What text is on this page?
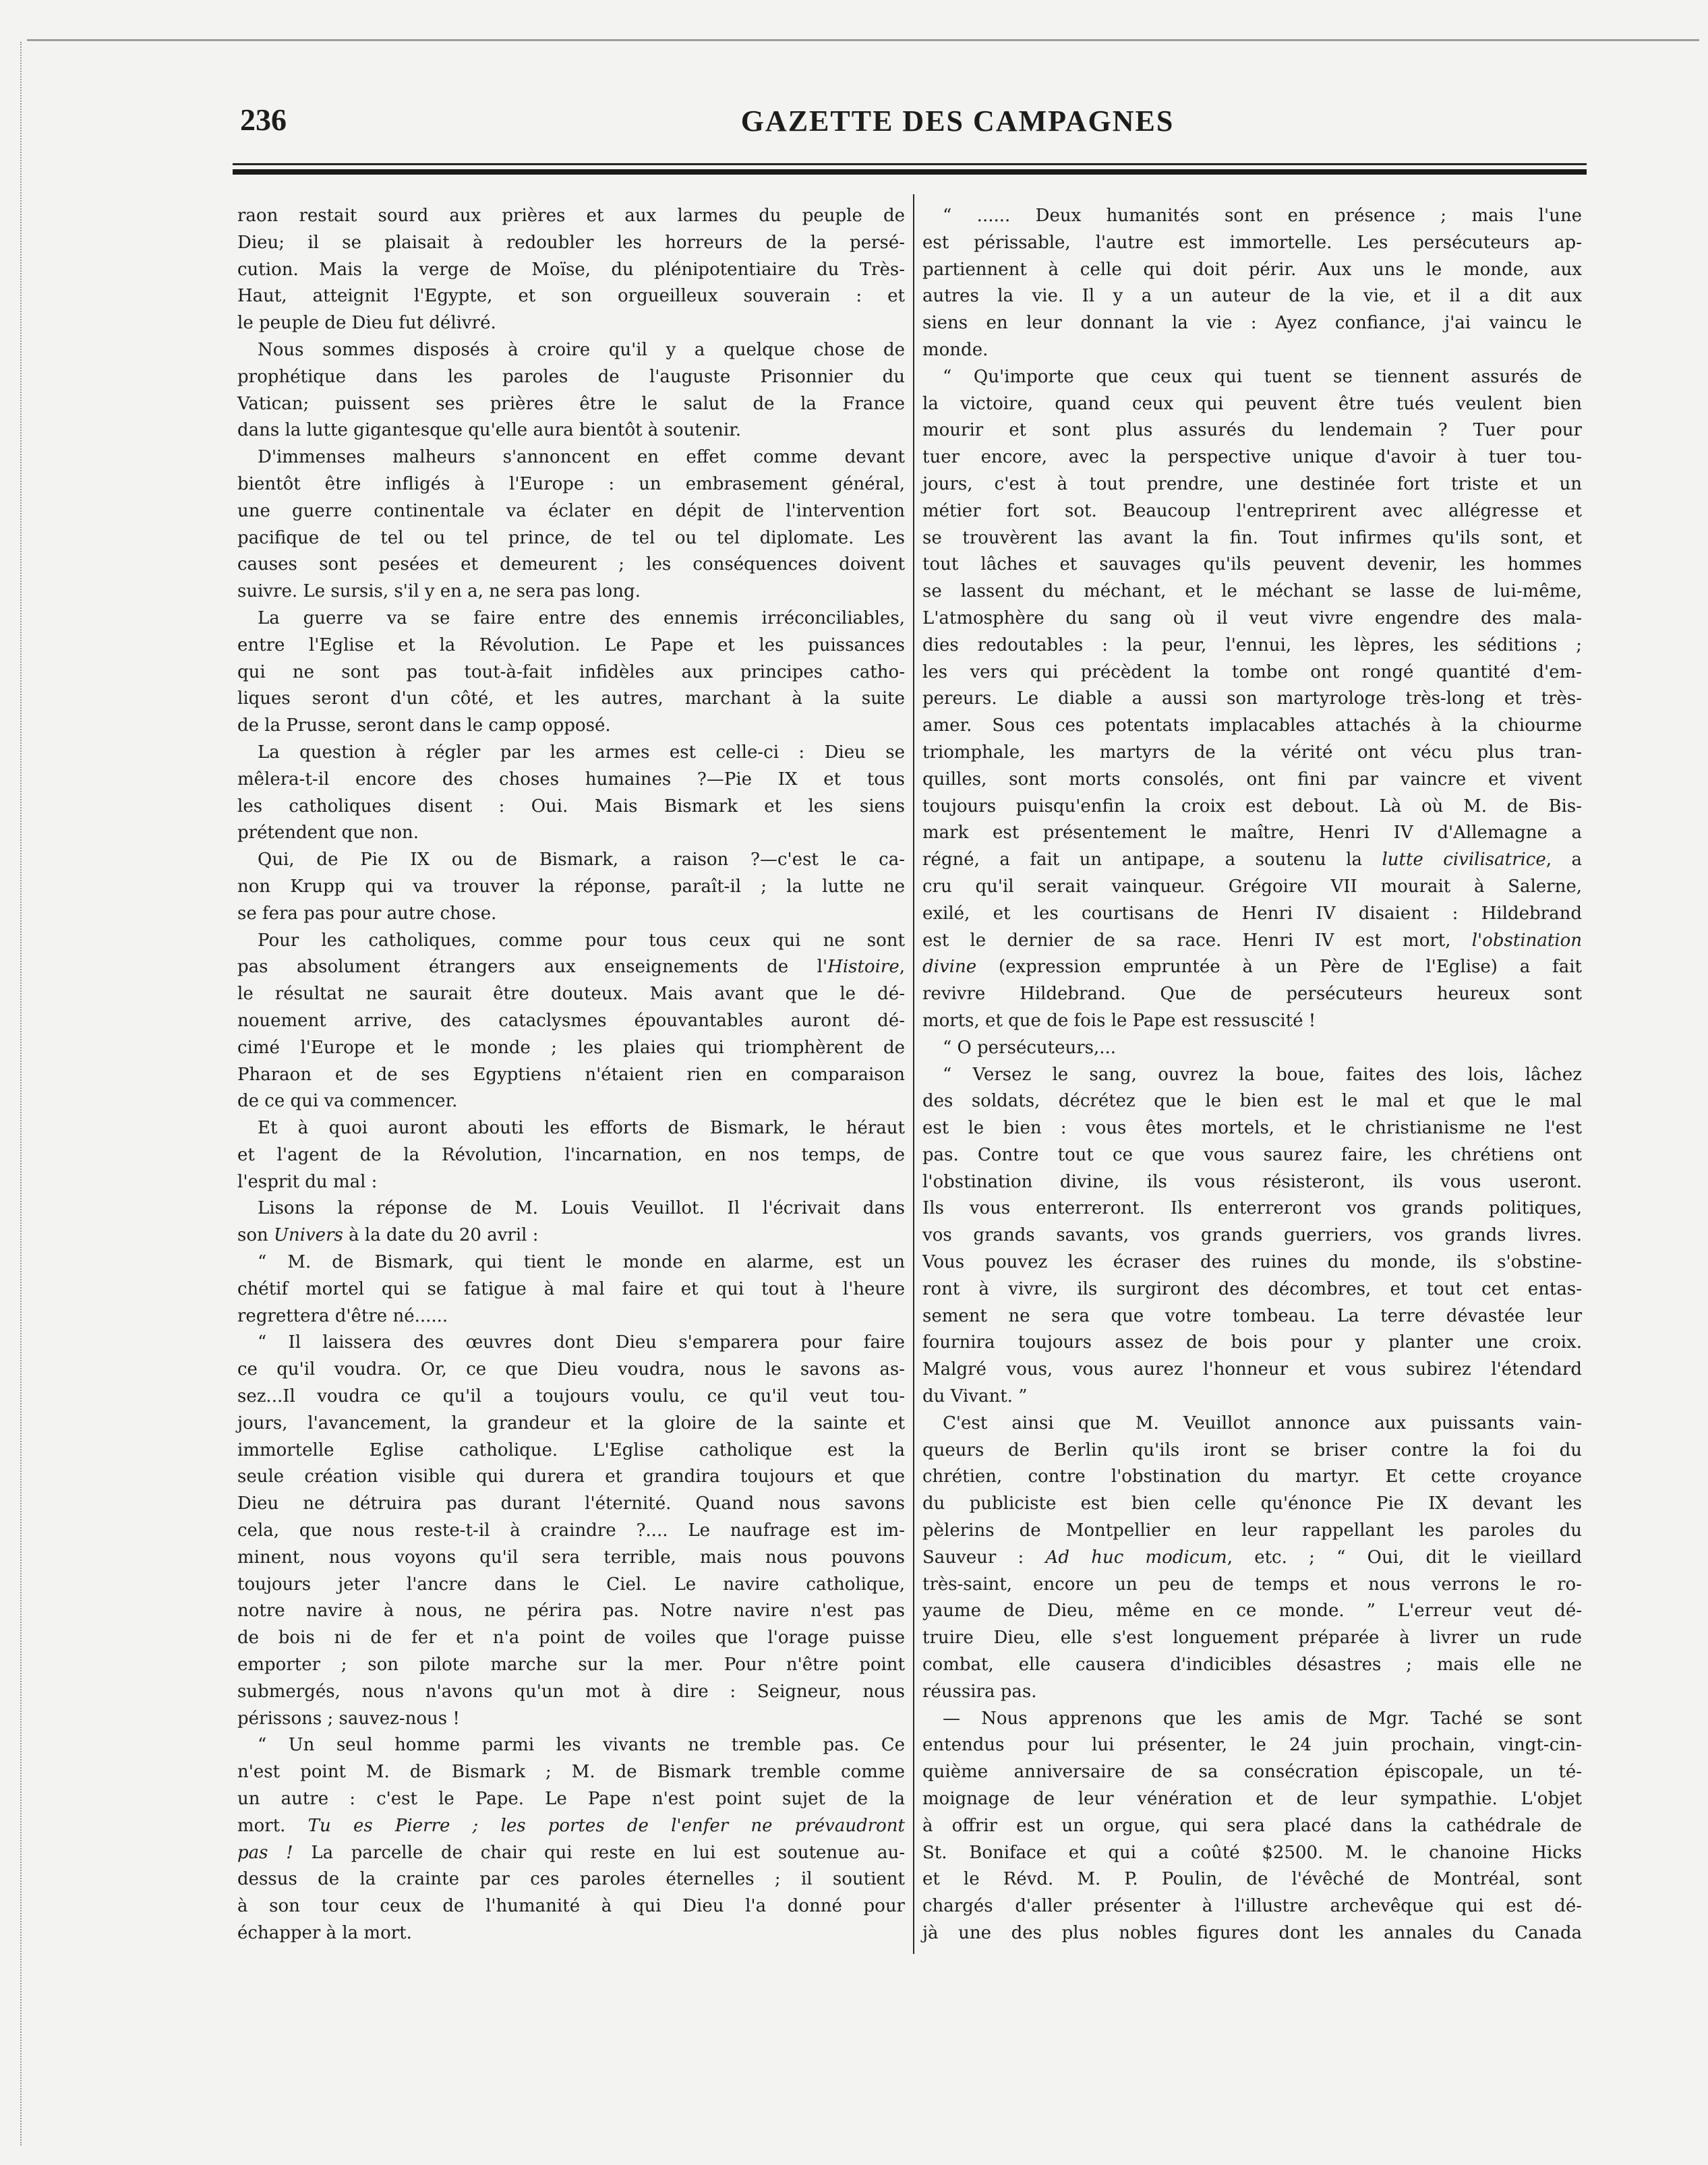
236	GAZETTE DES CAMPAGNES
raon restait sourd aux prières et aux larmes du peuple de
Dieu; il se plaisait à redoubler les horreurs de la persé-
cution. Mais la verge de Moïse, du plénipotentiaire du Très-
Haut, atteignit l'Egypte, et son orgueilleux souverain : et
le peuple de Dieu fut délivré.
Nous sommes disposés à croire qu'il y a quelque chose de
prophétique dans les paroles de l'auguste Prisonnier du
Vatican; puissent ses prières être le salut de la France
dans la lutte gigantesque qu'elle aura bientôt à soutenir.
D'immenses malheurs s'annoncent en effet comme devant
bientôt être infligés à l'Europe : un embrasement général,
une guerre continentale va éclater en dépit de l'intervention
pacifique de tel ou tel prince, de tel ou tel diplomate. Les
causes sont pesées et demeurent ; les conséquences doivent
suivre. Le sursis, s'il y en a, ne sera pas long.
La guerre va se faire entre des ennemis irréconciliables,
entre l'Eglise et la Révolution. Le Pape et les puissances
qui ne sont pas tout-à-fait infidèles aux principes catho-
liques seront d'un côté, et les autres, marchant à la suite
de la Prusse, seront dans le camp opposé.
La question à régler par les armes est celle-ci : Dieu se
mêlera-t-il encore des choses humaines ?—Pie IX et tous
les catholiques disent : Oui. Mais Bismark et les siens
prétendent que non.
Qui, de Pie IX ou de Bismark, a raison ?—c'est le ca-
non Krupp qui va trouver la réponse, paraît-il ; la lutte ne
se fera pas pour autre chose.
Pour les catholiques, comme pour tous ceux qui ne sont
pas absolument étrangers aux enseignements de l'Histoire,
le résultat ne saurait être douteux. Mais avant que le dé-
nouement arrive, des cataclysmes épouvantables auront dé-
cimé l'Europe et le monde ; les plaies qui triomphèrent de
Pharaon et de ses Egyptiens n'étaient rien en comparaison
de ce qui va commencer.
Et à quoi auront abouti les efforts de Bismark, le héraut
et l'agent de la Révolution, l'incarnation, en nos temps, de
l'esprit du mal :
Lisons la réponse de M. Louis Veuillot. Il l'écrivait dans
son Univers à la date du 20 avril :
“ M. de Bismark, qui tient le monde en alarme, est un
chétif mortel qui se fatigue à mal faire et qui tout à l'heure
regrettera d'être né......
“ Il laissera des œuvres dont Dieu s'emparera pour faire
ce qu'il voudra. Or, ce que Dieu voudra, nous le savons as-
sez...Il voudra ce qu'il a toujours voulu, ce qu'il veut tou-
jours, l'avancement, la grandeur et la gloire de la sainte et
immortelle Eglise catholique. L'Eglise catholique est la
seule création visible qui durera et grandira toujours et que
Dieu ne détruira pas durant l'éternité. Quand nous savons
cela, que nous reste-t-il à craindre ?.... Le naufrage est im-
minent, nous voyons qu'il sera terrible, mais nous pouvons
toujours jeter l'ancre dans le Ciel. Le navire catholique,
notre navire à nous, ne périra pas. Notre navire n'est pas
de bois ni de fer et n'a point de voiles que l'orage puisse
emporter ; son pilote marche sur la mer. Pour n'être point
submergés, nous n'avons qu'un mot à dire : Seigneur, nous
périssons ; sauvez-nous !
“ Un seul homme parmi les vivants ne tremble pas. Ce
n'est point M. de Bismark ; M. de Bismark tremble comme
un autre : c'est le Pape. Le Pape n'est point sujet de la
mort. Tu es Pierre ; les portes de l'enfer ne prévaudront
pas ! La parcelle de chair qui reste en lui est soutenue au-
dessus de la crainte par ces paroles éternelles ; il soutient
à son tour ceux de l'humanité à qui Dieu l'a donné pour
échapper à la mort.
“ ...... Deux humanités sont en présence ; mais l'une
est périssable, l'autre est immortelle. Les persécuteurs ap-
partiennent à celle qui doit périr. Aux uns le monde, aux
autres la vie. Il y a un auteur de la vie, et il a dit aux
siens en leur donnant la vie : Ayez confiance, j'ai vaincu le
monde.
“ Qu'importe que ceux qui tuent se tiennent assurés de
la victoire, quand ceux qui peuvent être tués veulent bien
mourir et sont plus assurés du lendemain ? Tuer pour
tuer encore, avec la perspective unique d'avoir à tuer tou-
jours, c'est à tout prendre, une destinée fort triste et un
métier fort sot. Beaucoup l'entreprirent avec allégresse et
se trouvèrent las avant la fin. Tout infirmes qu'ils sont, et
tout lâches et sauvages qu'ils peuvent devenir, les hommes
se lassent du méchant, et le méchant se lasse de lui-même,
L'atmosphère du sang où il veut vivre engendre des mala-
dies redoutables : la peur, l'ennui, les lèpres, les séditions ;
les vers qui précèdent la tombe ont rongé quantité d'em-
pereurs. Le diable a aussi son martyrologe très-long et très-
amer. Sous ces potentats implacables attachés à la chiourme
triomphale, les martyrs de la vérité ont vécu plus tran-
quilles, sont morts consolés, ont fini par vaincre et vivent
toujours puisqu'enfin la croix est debout. Là où M. de Bis-
mark est présentement le maître, Henri IV d'Allemagne a
régné, a fait un antipape, a soutenu la lutte civilisatrice, a
cru qu'il serait vainqueur. Grégoire VII mourait à Salerne,
exilé, et les courtisans de Henri IV disaient : Hildebrand
est le dernier de sa race. Henri IV est mort, l'obstination
divine (expression empruntée à un Père de l'Eglise) a fait
revivre Hildebrand. Que de persécuteurs heureux sont
morts, et que de fois le Pape est ressuscité !
“ O persécuteurs,...
“ Versez le sang, ouvrez la boue, faites des lois, lâchez
des soldats, décrétez que le bien est le mal et que le mal
est le bien : vous êtes mortels, et le christianisme ne l'est
pas. Contre tout ce que vous saurez faire, les chrétiens ont
l'obstination divine, ils vous résisteront, ils vous useront.
Ils vous enterreront. Ils enterreront vos grands politiques,
vos grands savants, vos grands guerriers, vos grands livres.
Vous pouvez les écraser des ruines du monde, ils s'obstine-
ront à vivre, ils surgiront des décombres, et tout cet entas-
sement ne sera que votre tombeau. La terre dévastée leur
fournira toujours assez de bois pour y planter une croix.
Malgré vous, vous aurez l'honneur et vous subirez l'étendard
du Vivant. ”
C'est ainsi que M. Veuillot annonce aux puissants vain-
queurs de Berlin qu'ils iront se briser contre la foi du
chrétien, contre l'obstination du martyr. Et cette croyance
du publiciste est bien celle qu'énonce Pie IX devant les
pèlerins de Montpellier en leur rappellant les paroles du
Sauveur : Ad huc modicum, etc. ; “ Oui, dit le vieillard
très-saint, encore un peu de temps et nous verrons le ro-
yaume de Dieu, même en ce monde. ” L'erreur veut dé-
truire Dieu, elle s'est longuement préparée à livrer un rude
combat, elle causera d'indicibles désastres ; mais elle ne
réussira pas.
— Nous apprenons que les amis de Mgr. Taché se sont
entendus pour lui présenter, le 24 juin prochain, vingt-cin-
quième anniversaire de sa consécration épiscopale, un té-
moignage de leur vénération et de leur sympathie. L'objet
à offrir est un orgue, qui sera placé dans la cathédrale de
St. Boniface et qui a coûté $2500. M. le chanoine Hicks
et le Révd. M. P. Poulin, de l'évêché de Montréal, sont
chargés d'aller présenter à l'illustre archevêque qui est dé-
jà une des plus nobles figures dont les annales du Canada
